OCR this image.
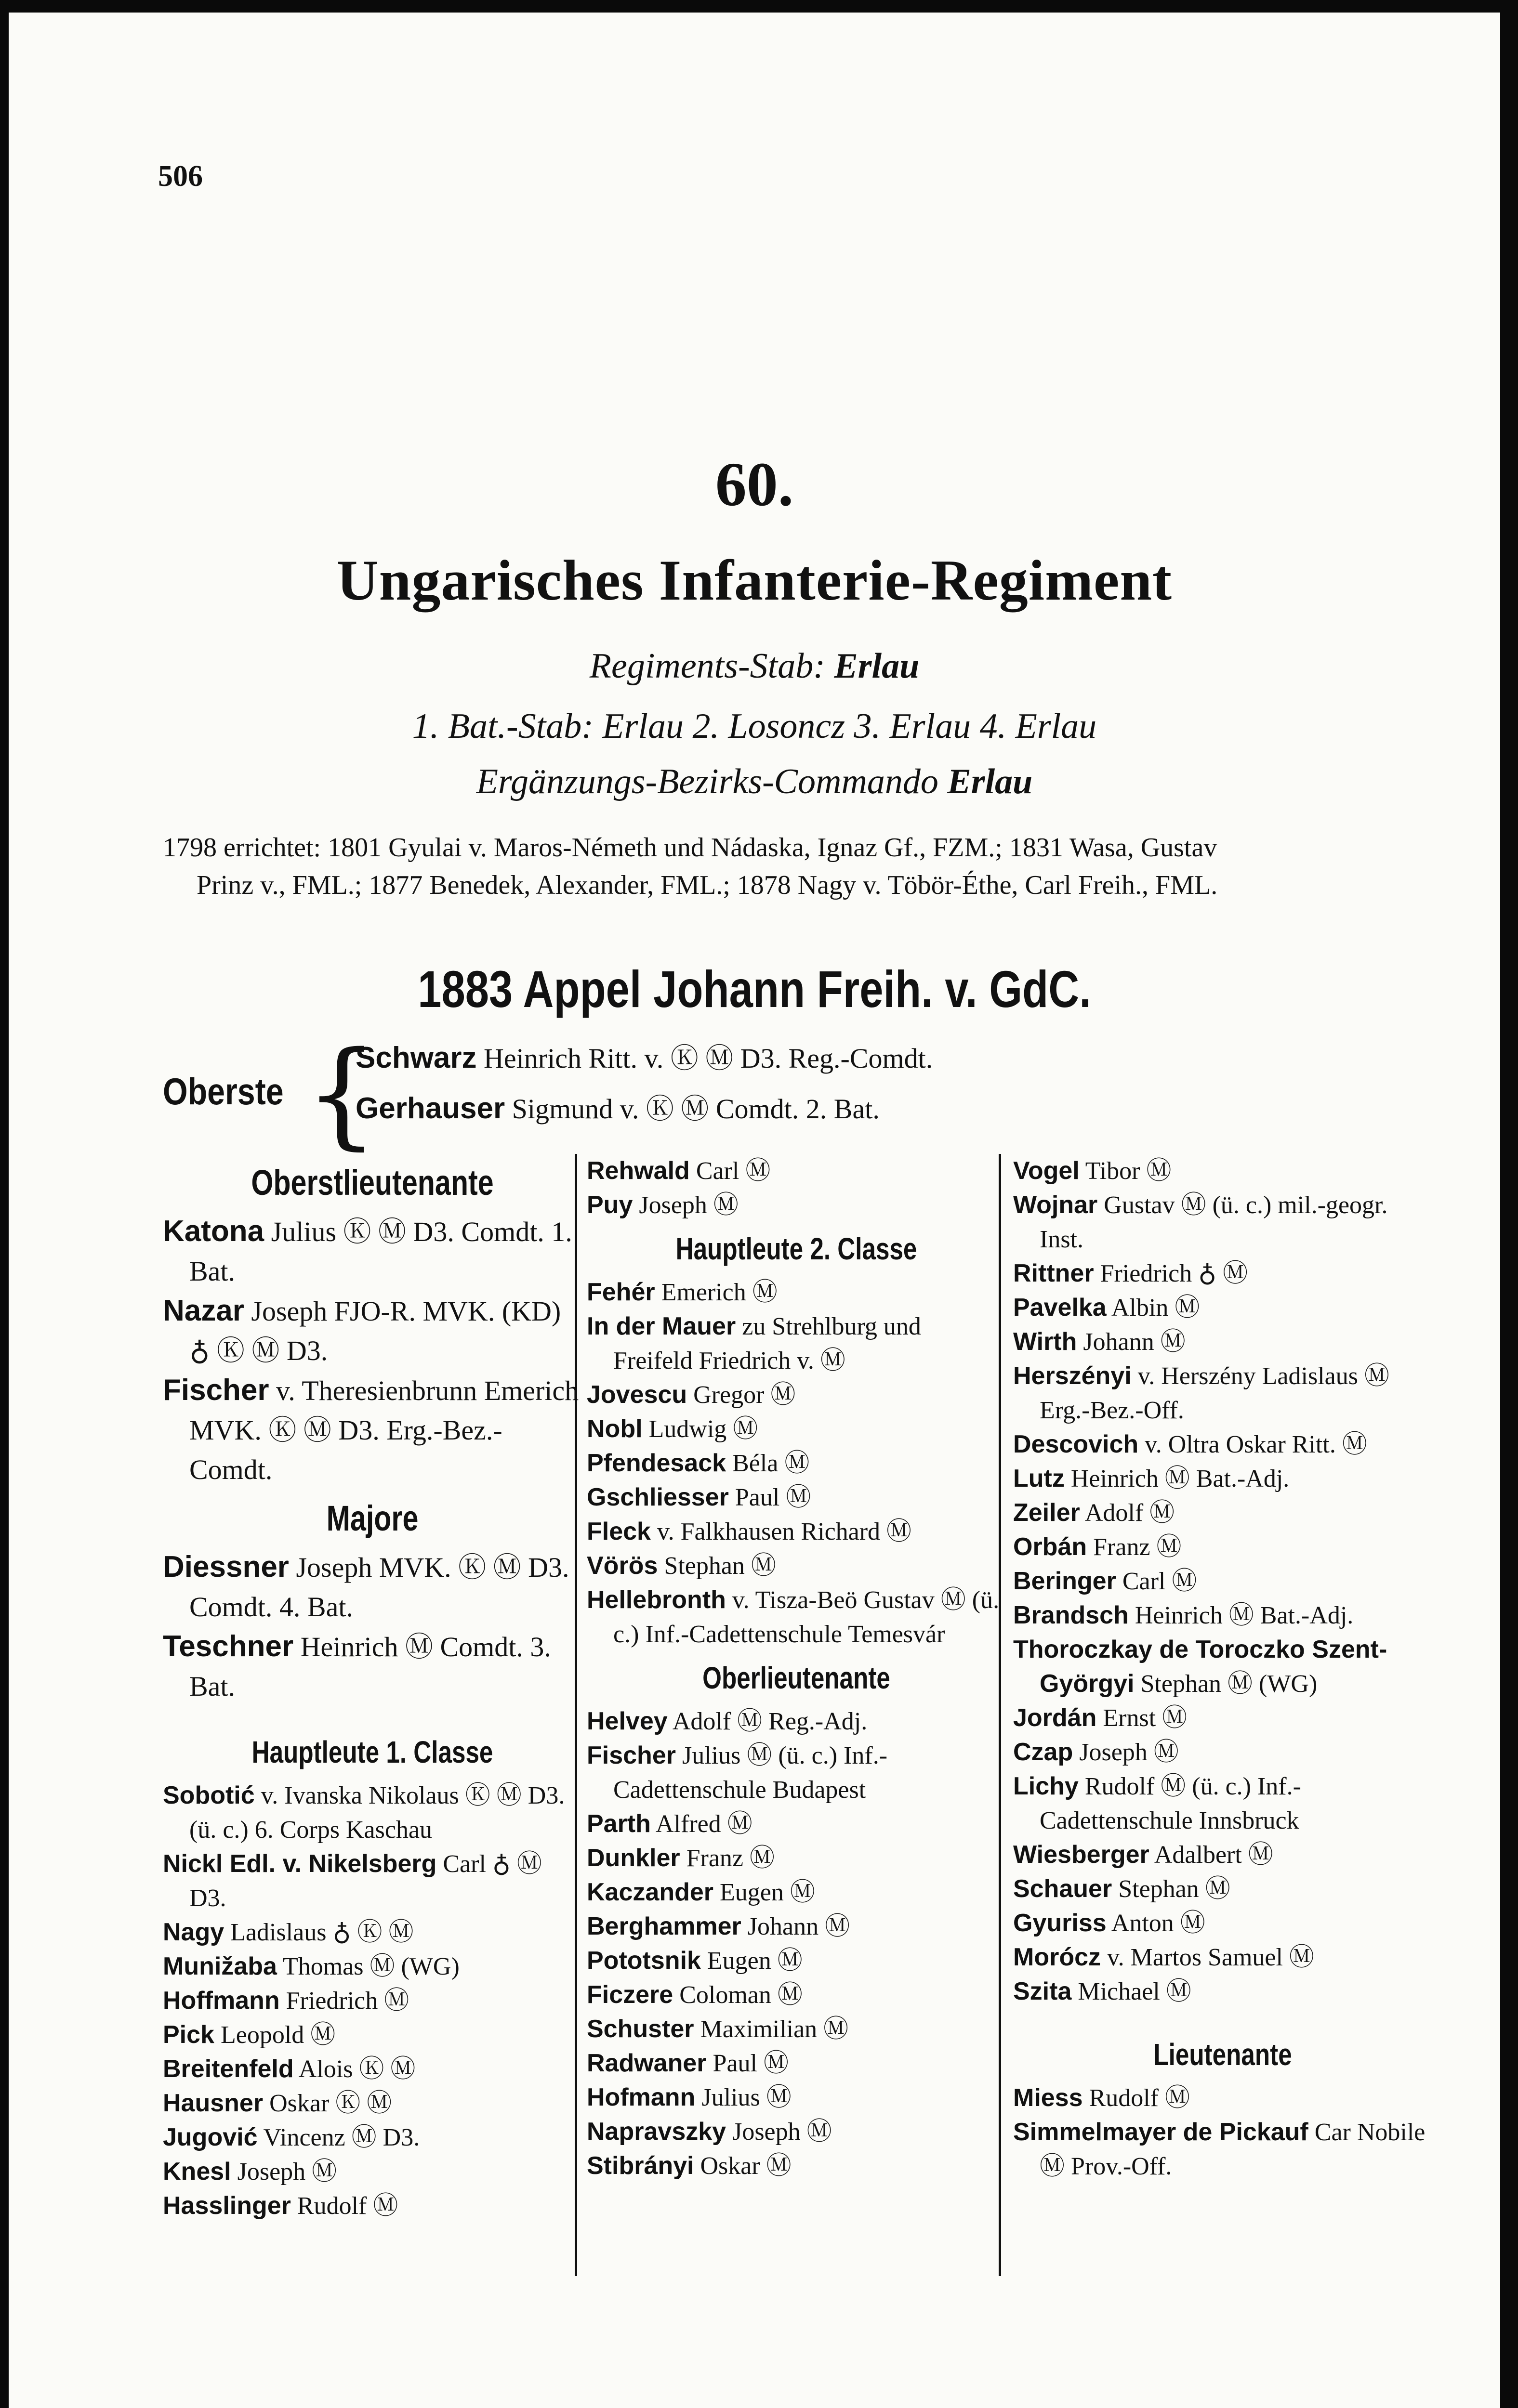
506
60.
Ungarisches Infanterie-Regiment
Regiments-Stab: Erlau
1. Bat.-Stab: Erlau 2. Losoncz 3. Erlau 4. Erlau
Ergänzungs-Bezirks-Commando Erlau
1798 errichtet: 1801 Gyulai v. Maros-Németh und Nádaska, Ignaz Gf., FZM.; 1831 Wasa, Gustav
Prinz v., FML.; 1877 Benedek, Alexander, FML.; 1878 Nagy v. Töbör-Éthe, Carl Freih., FML.
1883 Appel Johann Freih. v. GdC.
Oberste {
Schwarz Heinrich Ritt. v. Ⓚ Ⓜ D3. Reg.-Comdt.
Gerhauser Sigmund v. Ⓚ Ⓜ Comdt. 2. Bat.
Oberstlieutenante

Katona Julius Ⓚ Ⓜ D3. Comdt. 1. Bat.

Nazar Joseph FJO-R. MVK. (KD) ♁ Ⓚ Ⓜ D3.

Fischer v. Theresienbrunn Emerich MVK. Ⓚ Ⓜ D3. Erg.-Bez.-Comdt.

Majore

Diessner Joseph MVK. Ⓚ Ⓜ D3. Comdt. 4. Bat.

Teschner Heinrich Ⓜ Comdt. 3. Bat.

Hauptleute 1. Classe

Sobotić v. Ivanska Nikolaus Ⓚ Ⓜ D3. (ü. c.) 6. Corps Kaschau

Nickl Edl. v. Nikelsberg Carl ♁ Ⓜ D3.

Nagy Ladislaus ♁ Ⓚ Ⓜ

Munižaba Thomas Ⓜ (WG)

Hoffmann Friedrich Ⓜ

Pick Leopold Ⓜ

Breitenfeld Alois Ⓚ Ⓜ

Hausner Oskar Ⓚ Ⓜ

Jugović Vincenz Ⓜ D3.

Knesl Joseph Ⓜ

Hasslinger Rudolf Ⓜ

Rehwald Carl Ⓜ

Puy Joseph Ⓜ

Hauptleute 2. Classe

Fehér Emerich Ⓜ

In der Mauer zu Strehlburg und Freifeld Friedrich v. Ⓜ

Jovescu Gregor Ⓜ

Nobl Ludwig Ⓜ

Pfendesack Béla Ⓜ

Gschliesser Paul Ⓜ

Fleck v. Falkhausen Richard Ⓜ

Vörös Stephan Ⓜ

Hellebronth v. Tisza-Beö Gustav Ⓜ (ü. c.) Inf.-Cadettenschule Temesvár

Oberlieutenante

Helvey Adolf Ⓜ Reg.-Adj.

Fischer Julius Ⓜ (ü. c.) Inf.-Cadettenschule Budapest

Parth Alfred Ⓜ

Dunkler Franz Ⓜ

Kaczander Eugen Ⓜ

Berghammer Johann Ⓜ

Pototsnik Eugen Ⓜ

Ficzere Coloman Ⓜ

Schuster Maximilian Ⓜ

Radwaner Paul Ⓜ

Hofmann Julius Ⓜ

Napravszky Joseph Ⓜ

Stibrányi Oskar Ⓜ

Vogel Tibor Ⓜ

Wojnar Gustav Ⓜ (ü. c.) mil.-geogr. Inst.

Rittner Friedrich ♁ Ⓜ

Pavelka Albin Ⓜ

Wirth Johann Ⓜ

Herszényi v. Herszény Ladislaus Ⓜ Erg.-Bez.-Off.

Descovich v. Oltra Oskar Ritt. Ⓜ

Lutz Heinrich Ⓜ Bat.-Adj.

Zeiler Adolf Ⓜ

Orbán Franz Ⓜ

Beringer Carl Ⓜ

Brandsch Heinrich Ⓜ Bat.-Adj.

Thoroczkay de Toroczko Szent-Györgyi Stephan Ⓜ (WG)

Jordán Ernst Ⓜ

Czap Joseph Ⓜ

Lichy Rudolf Ⓜ (ü. c.) Inf.-Cadettenschule Innsbruck

Wiesberger Adalbert Ⓜ

Schauer Stephan Ⓜ

Gyuriss Anton Ⓜ

Morócz v. Martos Samuel Ⓜ

Szita Michael Ⓜ

Lieutenante

Miess Rudolf Ⓜ

Simmelmayer de Pickauf Car Nobile Ⓜ Prov.-Off.
